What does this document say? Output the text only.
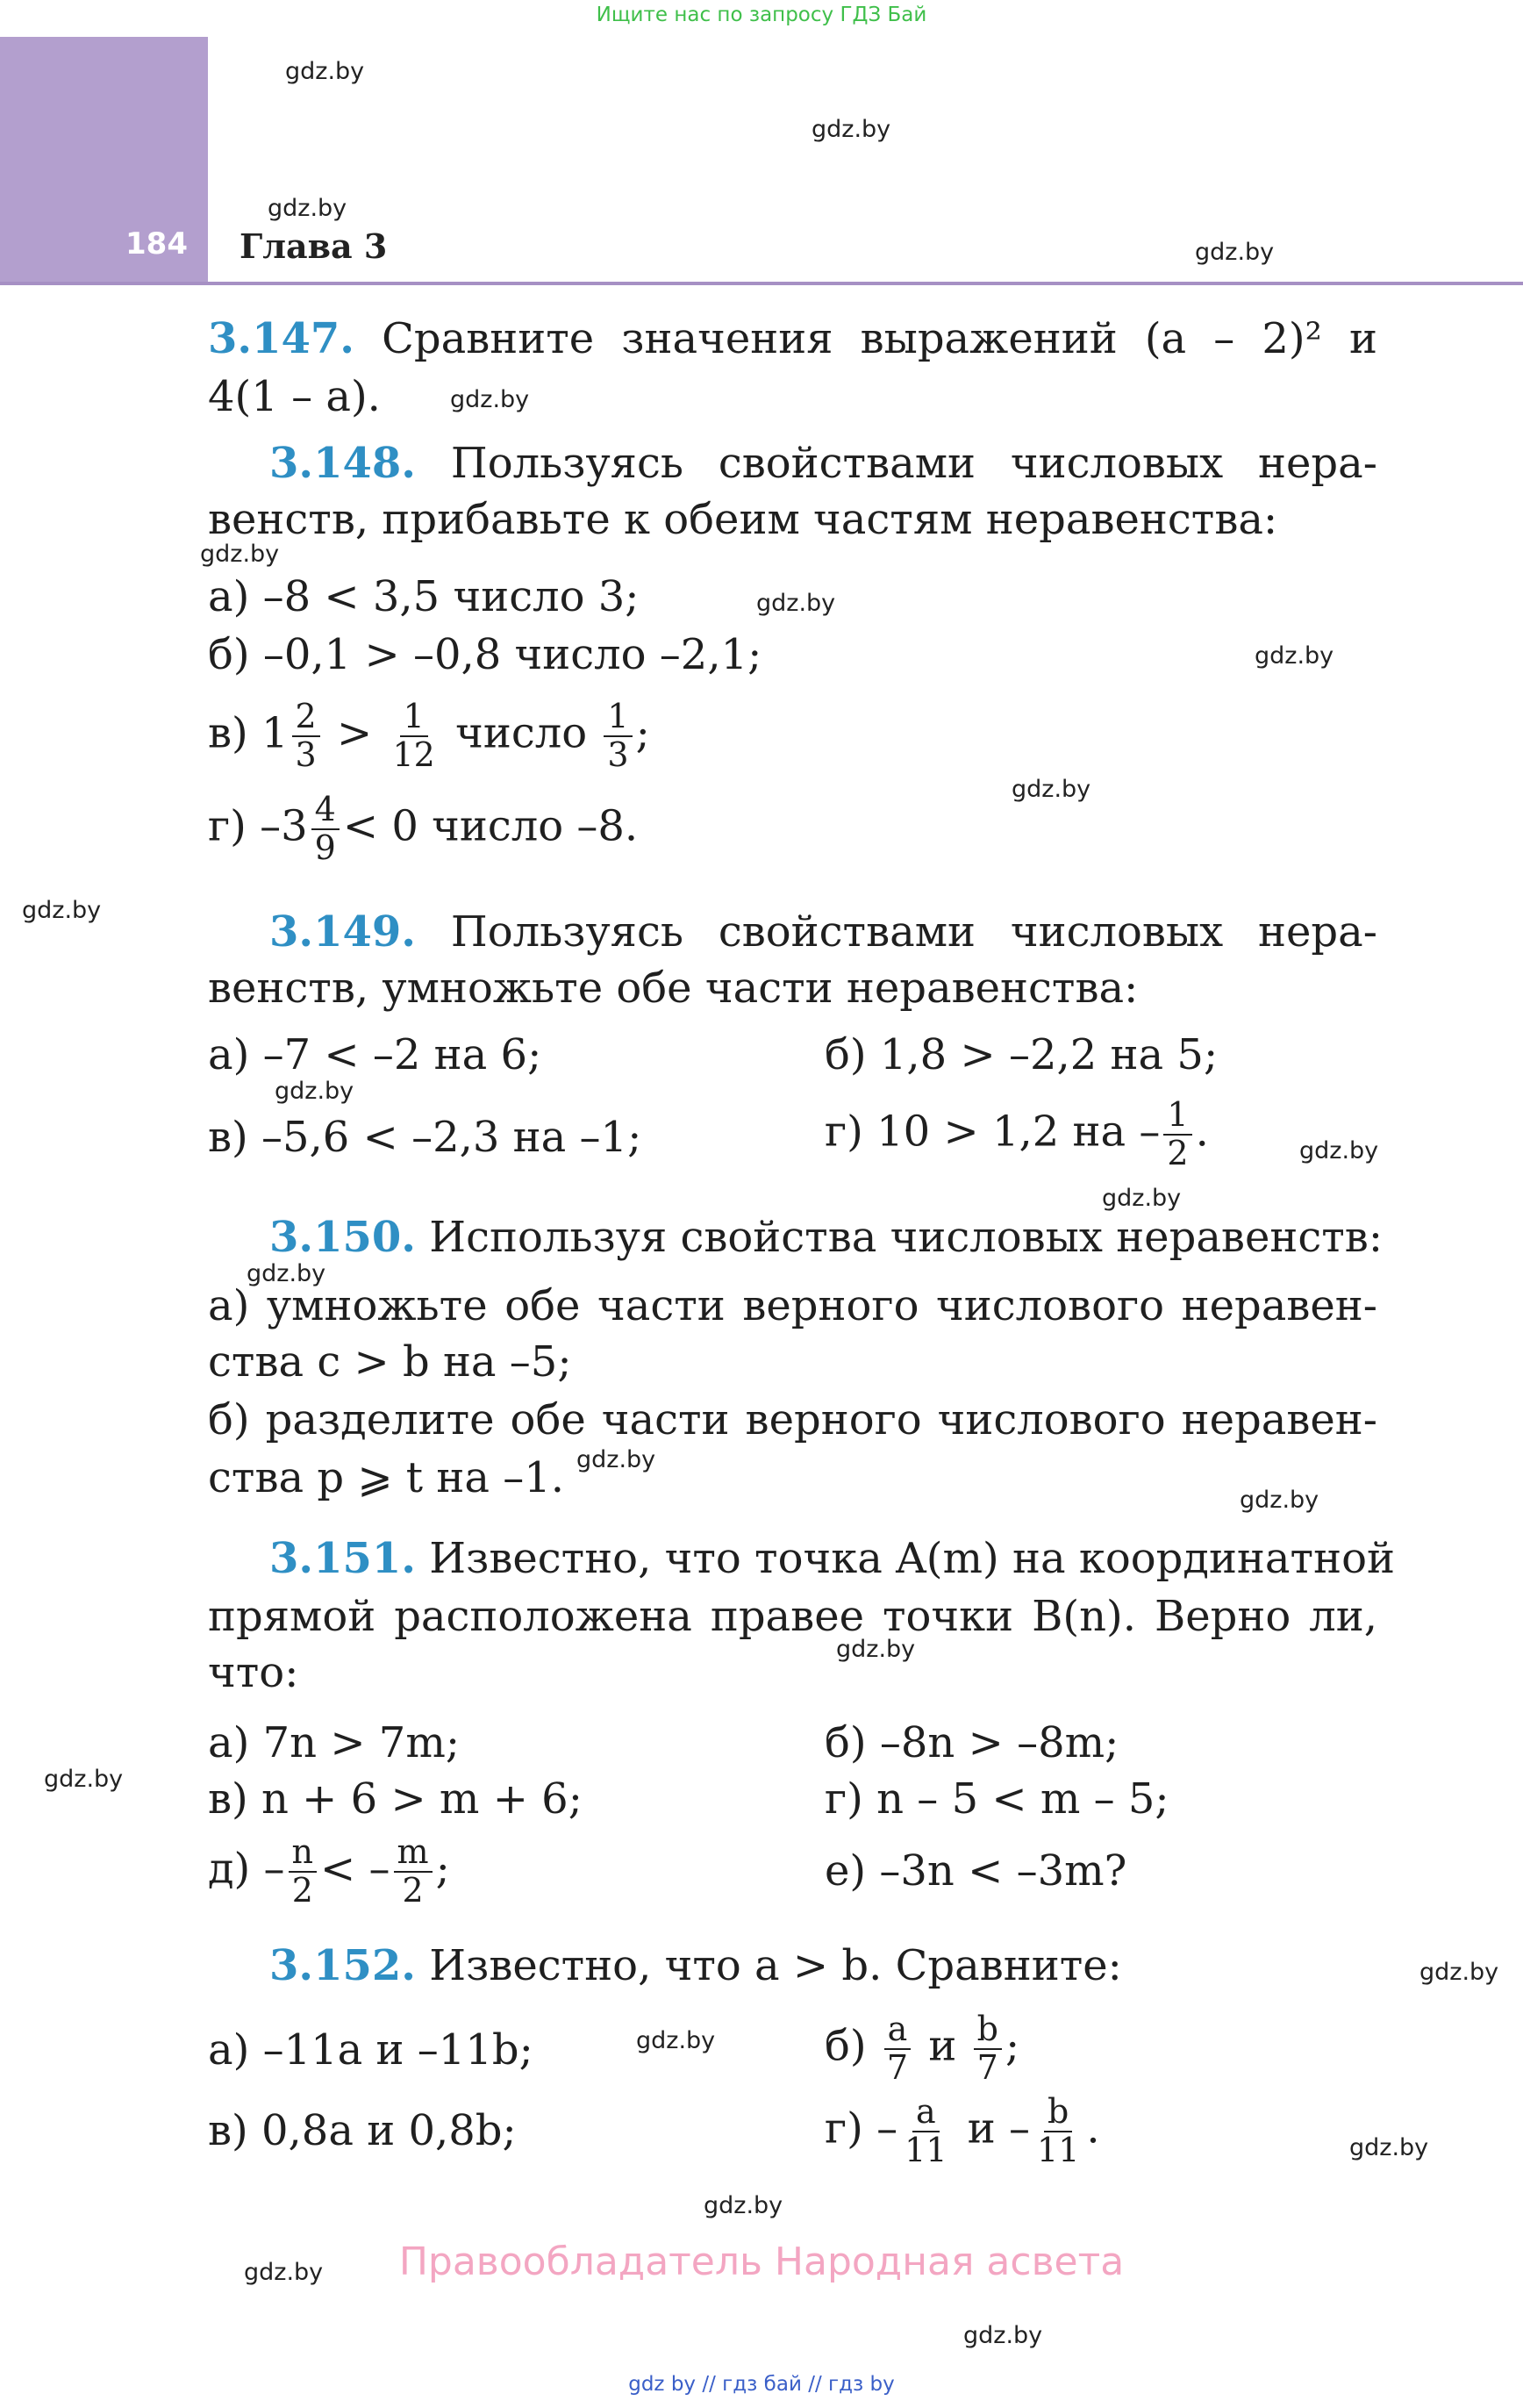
Ищите нас по запросу ГДЗ Бай
184 Глава 3
gdz.by
gdz.by
gdz.by
gdz.by
gdz.by
gdz.by
gdz.by
gdz.by
gdz.by
gdz.by
gdz.by
gdz.by
gdz.by
gdz.by
gdz.by
gdz.by
gdz.by
gdz.by
gdz.by
gdz.by
gdz.by
gdz.by
gdz.by
gdz.by
3.147. Сравните значения выражений (a – 2)² и
4(1 – a).
3.148. Пользуясь свойствами числовых нера-
венств, прибавьте к обеим частям неравенства:
а) –8 < 3,5 число 3;
б) –0,1 > –0,8 число –2,1;
в) $1 \frac{2}{3} > \frac{1}{12}$ число $\frac{1}{3}$ ;
г) $-3 \frac{4}{9} < 0$ число –8.
3.149. Пользуясь свойствами числовых нера-
венств, умножьте обе части неравенства:
а) –7 < –2 на 6;	б) 1,8 > –2,2 на 5;
в) –5,6 < –2,3 на –1;	г) 10 > 1,2 на – $\frac{1}{2}$ .
3.150. Используя свойства числовых неравенств:
а) умножьте обе части верного числового неравен-
ства c > b на –5;
б) разделите обе части верного числового неравен-
ства p ⩾ t на –1.
3.151. Известно, что точка A(m) на координатной
прямой расположена правее точки B(n). Верно ли,
что:
а) 7n > 7m;	б) –8n > –8m;
в) n + 6 > m + 6;	г) n – 5 < m – 5;
$д) - \frac{n}{2}$ < – $\frac{m}{2}$ ;	е) –3n < –3m?
3.152. Известно, что a > b. Сравните:
а) –11a и –11b;	$б) \frac{a}{7}$ и $\frac{b}{7}$ ;
в) 0,8a и 0,8b;	$г) - \frac{a}{11}$ и – $\frac{b}{11}$ .
Правообладатель Народная асвета
gdz by // гдз бай // гдз by
